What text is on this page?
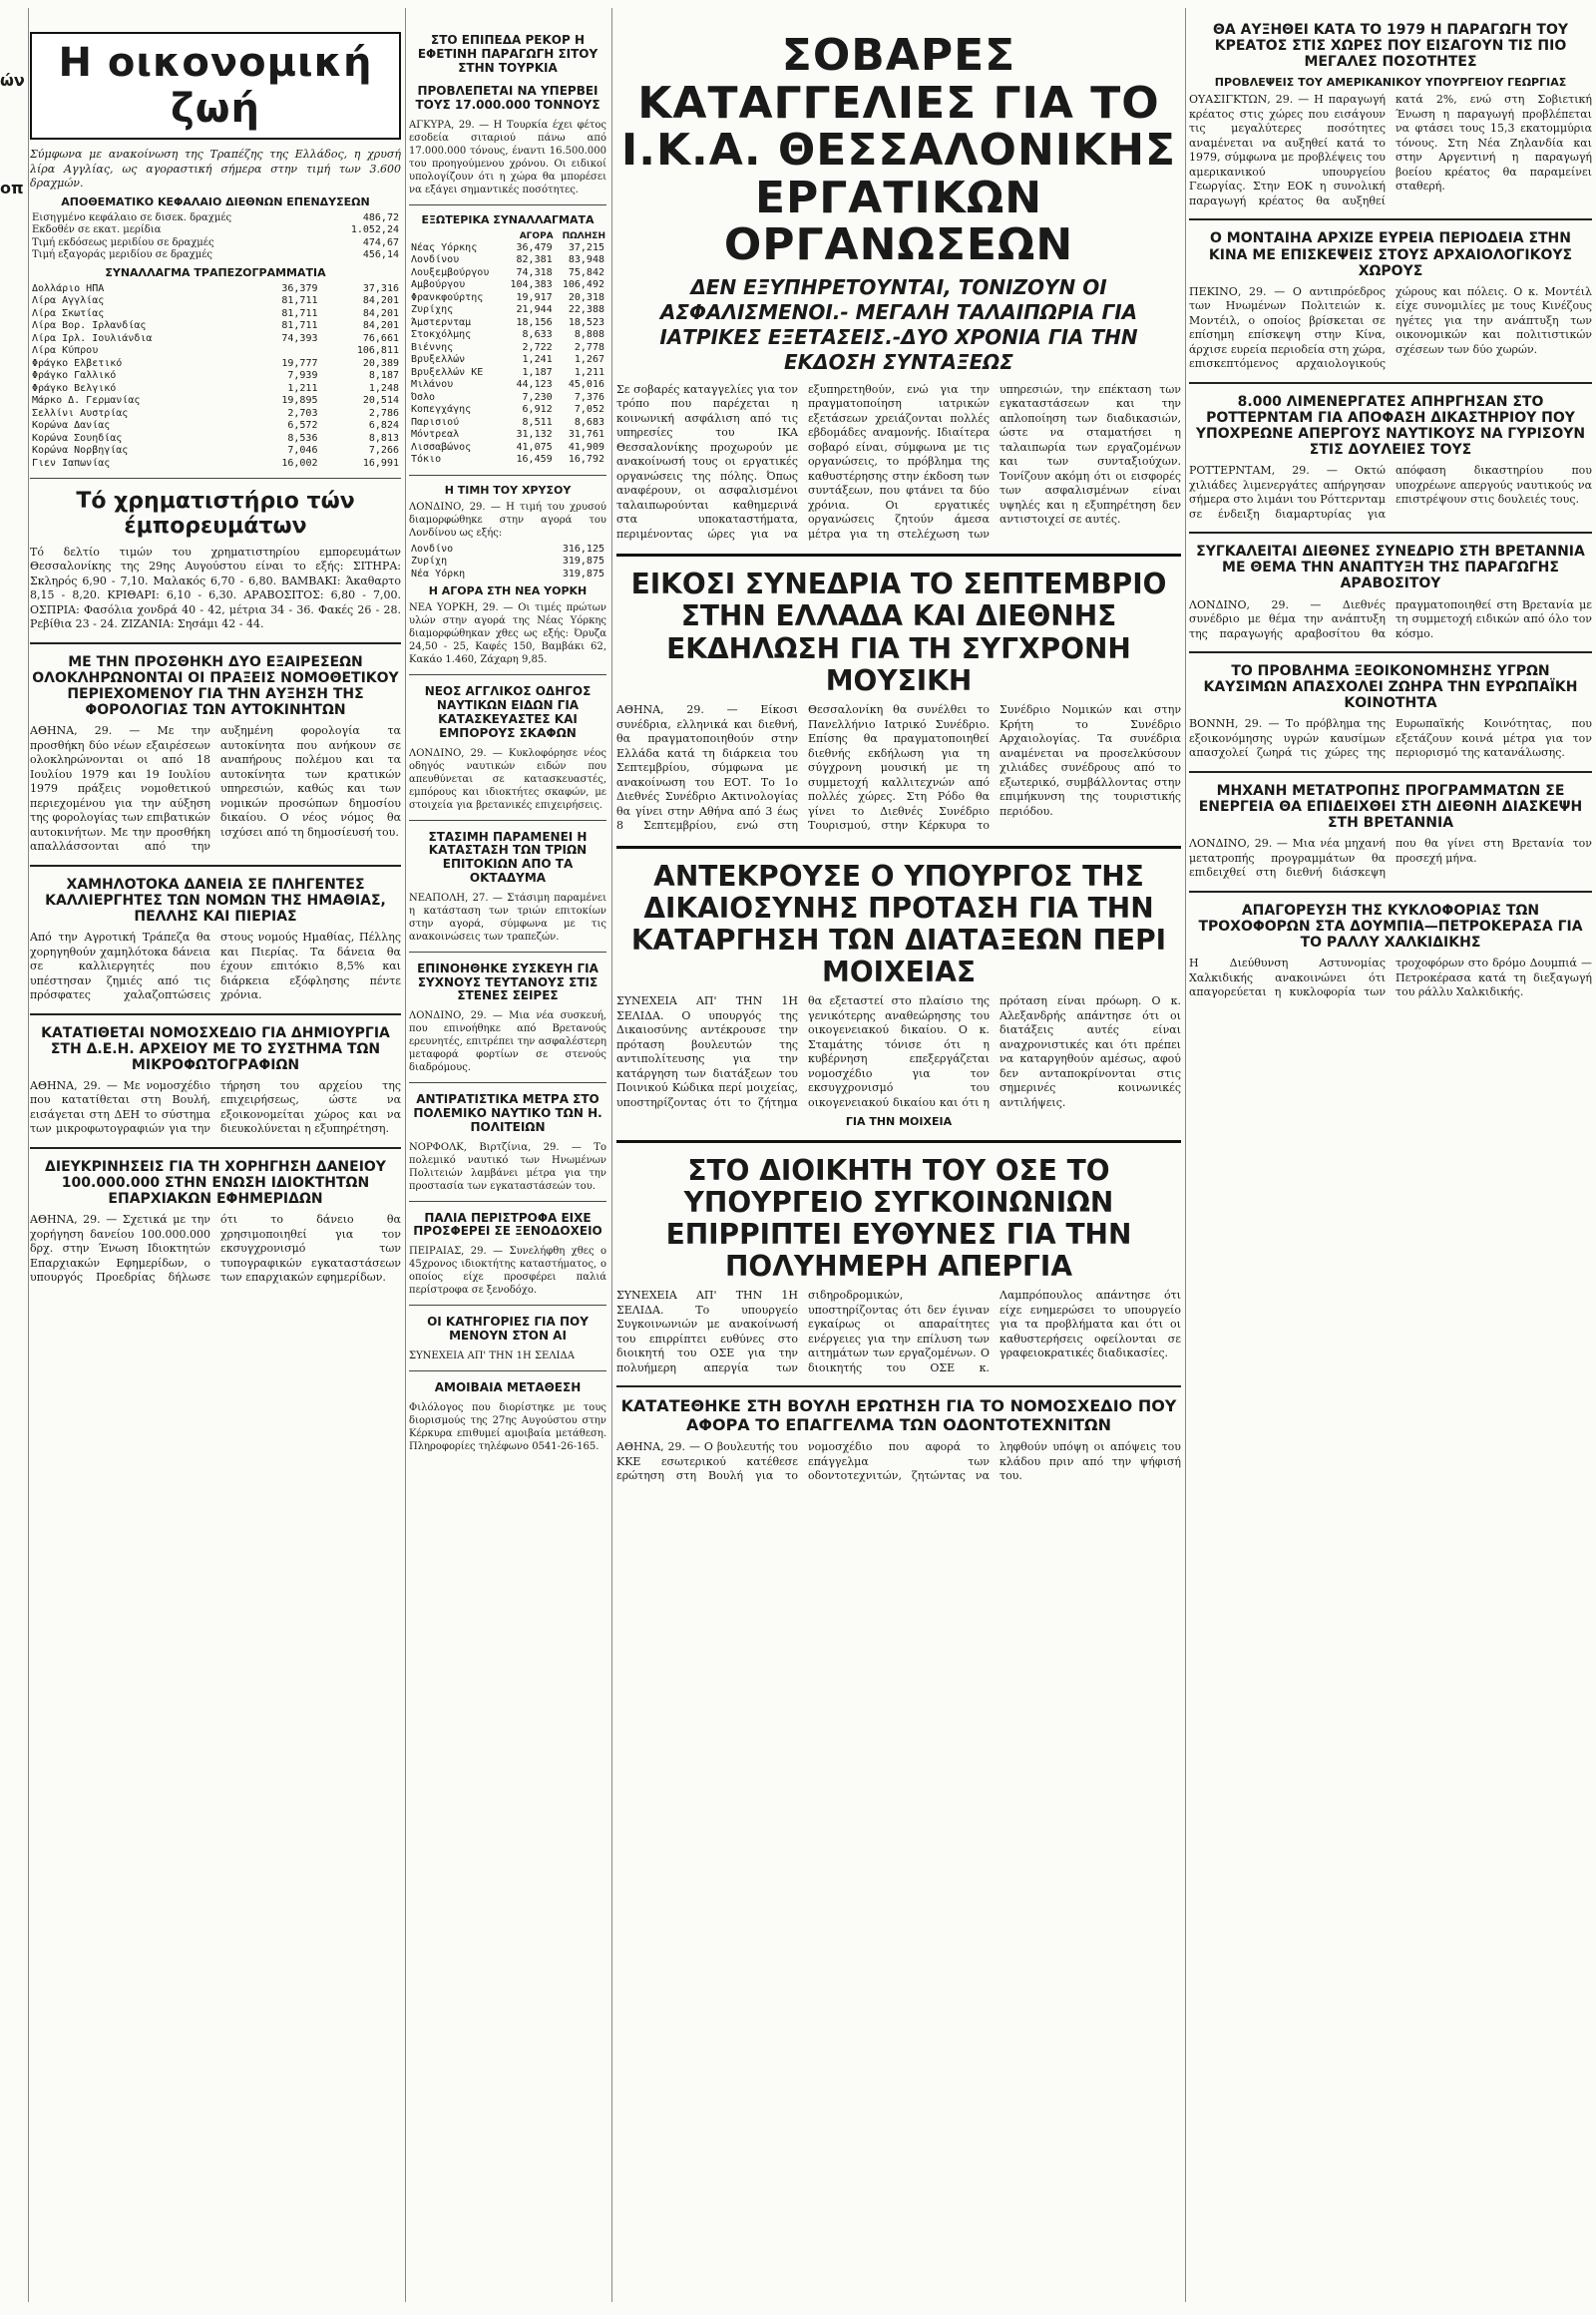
ών
οπ
Η οικονομική ζωή

Σύμφωνα με ανακοίνωση της Τραπέζης της Ελλάδος, η χρυσή λίρα Αγγλίας, ως αγοραστική σήμερα στην τιμή των 3.600 δραχμών.

ΑΠΟΘΕΜΑΤΙΚΟ ΚΕΦΑΛΑΙΟ ΔΙΕΘΝΩΝ ΕΠΕΝΔΥΣΕΩΝ
Εισηγμένο κεφάλαιο σε δισεκ. δραχμές	486,72
Εκδοθέν σε εκατ. μερίδια	1.052,24
Τιμή εκδόσεως μεριδίου σε δραχμές	474,67
Τιμή εξαγοράς μεριδίου σε δραχμές	456,14
ΣΥΝΑΛΛΑΓΜΑ ΤΡΑΠΕΖΟΓΡΑΜΜΑΤΙΑ
Δολλάριο ΗΠΑ	36,379	37,316
Λίρα Αγγλίας	81,711	84,201
Λίρα Σκωτίας	81,711	84,201
Λίρα Βορ. Ιρλανδίας	81,711	84,201
Λίρα Ιρλ. Ιουλιάνδια	74,393	76,661
Λίρα Κύπρου		106,811
Φράγκο Ελβετικό	19,777	20,389
Φράγκο Γαλλικό	7,939	8,187
Φράγκο Βελγικό	1,211	1,248
Μάρκο Δ. Γερμανίας	19,895	20,514
Σελλίνι Αυστρίας	2,703	2,786
Κορώνα Δανίας	6,572	6,824
Κορώνα Σουηδίας	8,536	8,813
Κορώνα Νορβηγίας	7,046	7,266
Γιεν Ιαπωνίας	16,002	16,991
Τό χρηματιστήριο τών έμπορευμάτων

Τό δελτίο τιμών του χρηματιστηρίου εμπορευμάτων Θεσσαλονίκης της 29ης Αυγούστου είναι το εξής: ΣΙΤΗΡΑ: Σκληρός 6,90 - 7,10. Μαλακός 6,70 - 6,80. ΒΑΜΒΑΚΙ: Άκαθαρτο 8,15 - 8,20. ΚΡΙΘΑΡΙ: 6,10 - 6,30. ΑΡΑΒΟΣΙΤΟΣ: 6,80 - 7,00. ΟΣΠΡΙΑ: Φασόλια χονδρά 40 - 42, μέτρια 34 - 36. Φακές 26 - 28. Ρεβίθια 23 - 24. ΖΙΖΑΝΙΑ: Σησάμι 42 - 44.

ΜΕ ΤΗΝ ΠΡΟΣΘΗΚΗ ΔΥΟ ΕΞΑΙΡΕΣΕΩΝ ΟΛΟΚΛΗΡΩΝΟΝΤΑΙ ΟΙ ΠΡΑΞΕΙΣ ΝΟΜΟΘΕΤΙΚΟΥ ΠΕΡΙΕΧΟΜΕΝΟΥ ΓΙΑ ΤΗΝ ΑΥΞΗΣΗ ΤΗΣ ΦΟΡΟΛΟΓΙΑΣ ΤΩΝ ΑΥΤΟΚΙΝΗΤΩΝ

ΑΘΗΝΑ, 29. — Με την προσθήκη δύο νέων εξαιρέσεων ολοκληρώνονται οι από 18 Ιουλίου 1979 και 19 Ιουλίου 1979 πράξεις νομοθετικού περιεχομένου για την αύξηση της φορολογίας των επιβατικών αυτοκινήτων. Με την προσθήκη απαλλάσσονται από την αυξημένη φορολογία τα αυτοκίνητα που ανήκουν σε αναπήρους πολέμου και τα αυτοκίνητα των κρατικών υπηρεσιών, καθώς και των νομικών προσώπων δημοσίου δικαίου. Ο νέος νόμος θα ισχύσει από τη δημοσίευσή του.

ΧΑΜΗΛΟΤΟΚΑ ΔΑΝΕΙΑ ΣΕ ΠΛΗΓΕΝΤΕΣ ΚΑΛΛΙΕΡΓΗΤΕΣ ΤΩΝ ΝΟΜΩΝ ΤΗΣ ΗΜΑΘΙΑΣ, ΠΕΛΛΗΣ ΚΑΙ ΠΙΕΡΙΑΣ

Από την Αγροτική Τράπεζα θα χορηγηθούν χαμηλότοκα δάνεια σε καλλιεργητές που υπέστησαν ζημιές από τις πρόσφατες χαλαζοπτώσεις στους νομούς Ημαθίας, Πέλλης και Πιερίας. Τα δάνεια θα έχουν επιτόκιο 8,5% και διάρκεια εξόφλησης πέντε χρόνια.

ΚΑΤΑΤΙΘΕΤΑΙ ΝΟΜΟΣΧΕΔΙΟ ΓΙΑ ΔΗΜΙΟΥΡΓΙΑ ΣΤΗ Δ.Ε.Η. ΑΡΧΕΙΟΥ ΜΕ ΤΟ ΣΥΣΤΗΜΑ ΤΩΝ ΜΙΚΡΟΦΩΤΟΓΡΑΦΙΩΝ

ΑΘΗΝΑ, 29. — Με νομοσχέδιο που κατατίθεται στη Βουλή, εισάγεται στη ΔΕΗ το σύστημα των μικροφωτογραφιών για την τήρηση του αρχείου της επιχειρήσεως, ώστε να εξοικονομείται χώρος και να διευκολύνεται η εξυπηρέτηση.

ΔΙΕΥΚΡΙΝΗΣΕΙΣ ΓΙΑ ΤΗ ΧΟΡΗΓΗΣΗ ΔΑΝΕΙΟΥ 100.000.000 ΣΤΗΝ ΕΝΩΣΗ ΙΔΙΟΚΤΗΤΩΝ ΕΠΑΡΧΙΑΚΩΝ ΕΦΗΜΕΡΙΔΩΝ

ΑΘΗΝΑ, 29. — Σχετικά με την χορήγηση δανείου 100.000.000 δρχ. στην Ένωση Ιδιοκτητών Επαρχιακών Εφημερίδων, ο υπουργός Προεδρίας δήλωσε ότι το δάνειο θα χρησιμοποιηθεί για τον εκσυγχρονισμό των τυπογραφικών εγκαταστάσεων των επαρχιακών εφημερίδων.

ΣΤΟ ΕΠΙΠΕΔΑ ΡΕΚΟΡ Η ΕΦΕΤΙΝΗ ΠΑΡΑΓΩΓΗ ΣΙΤΟΥ ΣΤΗΝ ΤΟΥΡΚΙΑ
ΠΡΟΒΛΕΠΕΤΑΙ ΝΑ ΥΠΕΡΒΕΙ ΤΟΥΣ 17.000.000 ΤΟΝΝΟΥΣ

ΑΓΚΥΡΑ, 29. — Η Τουρκία έχει φέτος εσοδεία σιταριού πάνω από 17.000.000 τόνους, έναντι 16.500.000 του προηγούμενου χρόνου. Οι ειδικοί υπολογίζουν ότι η χώρα θα μπορέσει να εξάγει σημαντικές ποσότητες.

ΕΞΩΤΕΡΙΚΑ ΣΥΝΑΛΛΑΓΜΑΤΑ
	ΑΓΟΡΑ	ΠΩΛΗΣΗ
Νέας Υόρκης	36,479	37,215
Λονδίνου	82,381	83,948
Λουξεμβούργου	74,318	75,842
Αμβούργου	104,383	106,492
Φρανκφούρτης	19,917	20,318
Ζυρίχης	21,944	22,388
Άμστερνταμ	18,156	18,523
Στοκχόλμης	8,633	8,808
Βιέννης	2,722	2,778
Βρυξελλών	1,241	1,267
Βρυξελλών ΚΕ	1,187	1,211
Μιλάνου	44,123	45,016
Όσλο	7,230	7,376
Κοπεγχάγης	6,912	7,052
Παρισιού	8,511	8,683
Μόντρεαλ	31,132	31,761
Λισσαβώνος	41,075	41,909
Τόκιο	16,459	16,792
Η ΤΙΜΗ ΤΟΥ ΧΡΥΣΟΥ

ΛΟΝΔΙΝΟ, 29. — Η τιμή του χρυσού διαμορφώθηκε στην αγορά του Λονδίνου ως εξής:

Λονδίνο	316,125
Ζυρίχη	319,875
Νέα Υόρκη	319,875
Η ΑΓΟΡΑ ΣΤΗ ΝΕΑ ΥΟΡΚΗ

ΝΕΑ ΥΟΡΚΗ, 29. — Οι τιμές πρώτων υλών στην αγορά της Νέας Υόρκης διαμορφώθηκαν χθες ως εξής: Όρυζα 24,50 - 25, Καφές 150, Βαμβάκι 62, Κακάο 1.460, Ζάχαρη 9,85.

ΝΕΟΣ ΑΓΓΛΙΚΟΣ ΟΔΗΓΟΣ ΝΑΥΤΙΚΩΝ ΕΙΔΩΝ ΓΙΑ ΚΑΤΑΣΚΕΥΑΣΤΕΣ ΚΑΙ ΕΜΠΟΡΟΥΣ ΣΚΑΦΩΝ

ΛΟΝΔΙΝΟ, 29. — Κυκλοφόρησε νέος οδηγός ναυτικών ειδών που απευθύνεται σε κατασκευαστές, εμπόρους και ιδιοκτήτες σκαφών, με στοιχεία για βρετανικές επιχειρήσεις.

ΣΤΑΣΙΜΗ ΠΑΡΑΜΕΝΕΙ Η ΚΑΤΑΣΤΑΣΗ ΤΩΝ ΤΡΙΩΝ ΕΠΙΤΟΚΙΩΝ ΑΠΟ ΤΑ ΟΚΤΑΔΥΜΑ

ΝΕΑΠΟΛΗ, 27. — Στάσιμη παραμένει η κατάσταση των τριών επιτοκίων στην αγορά, σύμφωνα με τις ανακοινώσεις των τραπεζών.

ΕΠΙΝΟΗΘΗΚΕ ΣΥΣΚΕΥΗ ΓΙΑ ΣΥΧΝΟΥΣ ΤΕΥΤΑΝΟΥΣ ΣΤΙΣ ΣΤΕΝΕΣ ΣΕΙΡΕΣ

ΛΟΝΔΙΝΟ, 29. — Μια νέα συσκευή, που επινοήθηκε από Βρετανούς ερευνητές, επιτρέπει την ασφαλέστερη μεταφορά φορτίων σε στενούς διαδρόμους.

ΑΝΤΙΡΑΤΙΣΤΙΚΑ ΜΕΤΡΑ ΣΤΟ ΠΟΛΕΜΙΚΟ ΝΑΥΤΙΚΟ ΤΩΝ Η. ΠΟΛΙΤΕΙΩΝ

ΝΟΡΦΟΛΚ, Βιρτζίνια, 29. — Το πολεμικό ναυτικό των Ηνωμένων Πολιτειών λαμβάνει μέτρα για την προστασία των εγκαταστάσεών του.

ΠΑΛΙΑ ΠΕΡΙΣΤΡΟΦΑ ΕΙΧΕ ΠΡΟΣΦΕΡΕΙ ΣΕ ΞΕΝΟΔΟΧΕΙΟ

ΠΕΙΡΑΙΑΣ, 29. — Συνελήφθη χθες ο 45χρονος ιδιοκτήτης καταστήματος, ο οποίος είχε προσφέρει παλιά περίστροφα σε ξενοδόχο.

ΟΙ ΚΑΤΗΓΟΡΙΕΣ ΓΙΑ ΠΟΥ ΜΕΝΟΥΝ ΣΤΟΝ ΑΙ

ΣΥΝΕΧΕΙΑ ΑΠ' ΤΗΝ 1Η ΣΕΛΙΔΑ

ΑΜΟΙΒΑΙΑ ΜΕΤΑΘΕΣΗ

Φιλόλογος που διορίστηκε με τους διορισμούς της 27ης Αυγούστου στην Κέρκυρα επιθυμεί αμοιβαία μετάθεση. Πληροφορίες τηλέφωνο 0541-26-165.

ΣΟΒΑΡΕΣ ΚΑΤΑΓΓΕΛΙΕΣ ΓΙΑ ΤΟ Ι.Κ.Α. ΘΕΣΣΑΛΟΝΙΚΗΣ ΕΡΓΑΤΙΚΩΝ ΟΡΓΑΝΩΣΕΩΝ
ΔΕΝ ΕΞΥΠΗΡΕΤΟΥΝΤΑΙ, ΤΟΝΙΖΟΥΝ ΟΙ ΑΣΦΑΛΙΣΜΕΝΟΙ.- ΜΕΓΑΛΗ ΤΑΛΑΙΠΩΡΙΑ ΓΙΑ ΙΑΤΡΙΚΕΣ ΕΞΕΤΑΣΕΙΣ.-ΔΥΟ ΧΡΟΝΙΑ ΓΙΑ ΤΗΝ ΕΚΔΟΣΗ ΣΥΝΤΑΞΕΩΣ

Σε σοβαρές καταγγελίες για τον τρόπο που παρέχεται η κοινωνική ασφάλιση από τις υπηρεσίες του ΙΚΑ Θεσσαλονίκης προχωρούν με ανακοίνωσή τους οι εργατικές οργανώσεις της πόλης. Όπως αναφέρουν, οι ασφαλισμένοι ταλαιπωρούνται καθημερινά στα υποκαταστήματα, περιμένοντας ώρες για να εξυπηρετηθούν, ενώ για την πραγματοποίηση ιατρικών εξετάσεων χρειάζονται πολλές εβδομάδες αναμονής. Ιδιαίτερα σοβαρό είναι, σύμφωνα με τις οργανώσεις, το πρόβλημα της καθυστέρησης στην έκδοση των συντάξεων, που φτάνει τα δύο χρόνια. Οι εργατικές οργανώσεις ζητούν άμεσα μέτρα για τη στελέχωση των υπηρεσιών, την επέκταση των εγκαταστάσεων και την απλοποίηση των διαδικασιών, ώστε να σταματήσει η ταλαιπωρία των εργαζομένων και των συνταξιούχων. Τονίζουν ακόμη ότι οι εισφορές των ασφαλισμένων είναι υψηλές και η εξυπηρέτηση δεν αντιστοιχεί σε αυτές.

ΕΙΚΟΣΙ ΣΥΝΕΔΡΙΑ ΤΟ ΣΕΠΤΕΜΒΡΙΟ ΣΤΗΝ ΕΛΛΑΔΑ ΚΑΙ ΔΙΕΘΝΗΣ ΕΚΔΗΛΩΣΗ ΓΙΑ ΤΗ ΣΥΓΧΡΟΝΗ ΜΟΥΣΙΚΗ

ΑΘΗΝΑ, 29. — Είκοσι συνέδρια, ελληνικά και διεθνή, θα πραγματοποιηθούν στην Ελλάδα κατά τη διάρκεια του Σεπτεμβρίου, σύμφωνα με ανακοίνωση του ΕΟΤ. Το 1ο Διεθνές Συνέδριο Ακτινολογίας θα γίνει στην Αθήνα από 3 έως 8 Σεπτεμβρίου, ενώ στη Θεσσαλονίκη θα συνέλθει το Πανελλήνιο Ιατρικό Συνέδριο. Επίσης θα πραγματοποιηθεί διεθνής εκδήλωση για τη σύγχρονη μουσική με τη συμμετοχή καλλιτεχνών από πολλές χώρες. Στη Ρόδο θα γίνει το Διεθνές Συνέδριο Τουρισμού, στην Κέρκυρα το Συνέδριο Νομικών και στην Κρήτη το Συνέδριο Αρχαιολογίας. Τα συνέδρια αναμένεται να προσελκύσουν χιλιάδες συνέδρους από το εξωτερικό, συμβάλλοντας στην επιμήκυνση της τουριστικής περιόδου.

ΑΝΤΕΚΡΟΥΣΕ Ο ΥΠΟΥΡΓΟΣ ΤΗΣ ΔΙΚΑΙΟΣΥΝΗΣ ΠΡΟΤΑΣΗ ΓΙΑ ΤΗΝ ΚΑΤΑΡΓΗΣΗ ΤΩΝ ΔΙΑΤΑΞΕΩΝ ΠΕΡΙ ΜΟΙΧΕΙΑΣ

ΣΥΝΕΧΕΙΑ ΑΠ' ΤΗΝ 1Η ΣΕΛΙΔΑ. Ο υπουργός της Δικαιοσύνης αντέκρουσε την πρόταση βουλευτών της αντιπολίτευσης για την κατάργηση των διατάξεων του Ποινικού Κώδικα περί μοιχείας, υποστηρίζοντας ότι το ζήτημα θα εξεταστεί στο πλαίσιο της γενικότερης αναθεώρησης του οικογενειακού δικαίου. Ο κ. Σταμάτης τόνισε ότι η κυβέρνηση επεξεργάζεται νομοσχέδιο για τον εκσυγχρονισμό του οικογενειακού δικαίου και ότι η πρόταση είναι πρόωρη. Ο κ. Αλεξανδρής απάντησε ότι οι διατάξεις αυτές είναι αναχρονιστικές και ότι πρέπει να καταργηθούν αμέσως, αφού δεν ανταποκρίνονται στις σημερινές κοινωνικές αντιλήψεις.

ΓΙΑ ΤΗΝ ΜΟΙΧΕΙΑ
ΣΤΟ ΔΙΟΙΚΗΤΗ ΤΟΥ ΟΣΕ ΤΟ ΥΠΟΥΡΓΕΙΟ ΣΥΓΚΟΙΝΩΝΙΩΝ ΕΠΙΡΡΙΠΤΕΙ ΕΥΘΥΝΕΣ ΓΙΑ ΤΗΝ ΠΟΛΥΗΜΕΡΗ ΑΠΕΡΓΙΑ

ΣΥΝΕΧΕΙΑ ΑΠ' ΤΗΝ 1Η ΣΕΛΙΔΑ. Το υπουργείο Συγκοινωνιών με ανακοίνωσή του επιρρίπτει ευθύνες στο διοικητή του ΟΣΕ για την πολυήμερη απεργία των σιδηροδρομικών, υποστηρίζοντας ότι δεν έγιναν εγκαίρως οι απαραίτητες ενέργειες για την επίλυση των αιτημάτων των εργαζομένων. Ο διοικητής του ΟΣΕ κ. Λαμπρόπουλος απάντησε ότι είχε ενημερώσει το υπουργείο για τα προβλήματα και ότι οι καθυστερήσεις οφείλονται σε γραφειοκρατικές διαδικασίες.

ΚΑΤΑΤΕΘΗΚΕ ΣΤΗ ΒΟΥΛΗ ΕΡΩΤΗΣΗ ΓΙΑ ΤΟ ΝΟΜΟΣΧΕΔΙΟ ΠΟΥ ΑΦΟΡΑ ΤΟ ΕΠΑΓΓΕΛΜΑ ΤΩΝ ΟΔΟΝΤΟΤΕΧΝΙΤΩΝ

ΑΘΗΝΑ, 29. — Ο βουλευτής του ΚΚΕ εσωτερικού κατέθεσε ερώτηση στη Βουλή για το νομοσχέδιο που αφορά το επάγγελμα των οδοντοτεχνιτών, ζητώντας να ληφθούν υπόψη οι απόψεις του κλάδου πριν από την ψήφισή του.

ΘΑ ΑΥΞΗΘΕΙ ΚΑΤΑ ΤΟ 1979 Η ΠΑΡΑΓΩΓΗ ΤΟΥ ΚΡΕΑΤΟΣ ΣΤΙΣ ΧΩΡΕΣ ΠΟΥ ΕΙΣΑΓΟΥΝ ΤΙΣ ΠΙΟ ΜΕΓΑΛΕΣ ΠΟΣΟΤΗΤΕΣ
ΠΡΟΒΛΕΨΕΙΣ ΤΟΥ ΑΜΕΡΙΚΑΝΙΚΟΥ ΥΠΟΥΡΓΕΙΟΥ ΓΕΩΡΓΙΑΣ

ΟΥΑΣΙΓΚΤΩΝ, 29. — Η παραγωγή κρέατος στις χώρες που εισάγουν τις μεγαλύτερες ποσότητες αναμένεται να αυξηθεί κατά το 1979, σύμφωνα με προβλέψεις του αμερικανικού υπουργείου Γεωργίας. Στην ΕΟΚ η συνολική παραγωγή κρέατος θα αυξηθεί κατά 2%, ενώ στη Σοβιετική Ένωση η παραγωγή προβλέπεται να φτάσει τους 15,3 εκατομμύρια τόνους. Στη Νέα Ζηλανδία και στην Αργεντινή η παραγωγή βοείου κρέατος θα παραμείνει σταθερή.

Ο ΜΟΝΤΑΙΗΑ ΑΡΧΙΖΕ ΕΥΡΕΙΑ ΠΕΡΙΟΔΕΙΑ ΣΤΗΝ ΚΙΝΑ ΜΕ ΕΠΙΣΚΕΨΕΙΣ ΣΤΟΥΣ ΑΡΧΑΙΟΛΟΓΙΚΟΥΣ ΧΩΡΟΥΣ

ΠΕΚΙΝΟ, 29. — Ο αντιπρόεδρος των Ηνωμένων Πολιτειών κ. Μοντέιλ, ο οποίος βρίσκεται σε επίσημη επίσκεψη στην Κίνα, άρχισε ευρεία περιοδεία στη χώρα, επισκεπτόμενος αρχαιολογικούς χώρους και πόλεις. Ο κ. Μοντέιλ είχε συνομιλίες με τους Κινέζους ηγέτες για την ανάπτυξη των οικονομικών και πολιτιστικών σχέσεων των δύο χωρών.

8.000 ΛΙΜΕΝΕΡΓΑΤΕΣ ΑΠΗΡΓΗΣΑΝ ΣΤΟ ΡΟΤΤΕΡΝΤΑΜ ΓΙΑ ΑΠΟΦΑΣΗ ΔΙΚΑΣΤΗΡΙΟΥ ΠΟΥ ΥΠΟΧΡΕΩΝΕ ΑΠΕΡΓΟΥΣ ΝΑΥΤΙΚΟΥΣ ΝΑ ΓΥΡΙΣΟΥΝ ΣΤΙΣ ΔΟΥΛΕΙΕΣ ΤΟΥΣ

ΡΟΤΤΕΡΝΤΑΜ, 29. — Οκτώ χιλιάδες λιμενεργάτες απήργησαν σήμερα στο λιμάνι του Ρόττερνταμ σε ένδειξη διαμαρτυρίας για απόφαση δικαστηρίου που υποχρέωνε απεργούς ναυτικούς να επιστρέψουν στις δουλειές τους.

ΣΥΓΚΑΛΕΙΤΑΙ ΔΙΕΘΝΕΣ ΣΥΝΕΔΡΙΟ ΣΤΗ ΒΡΕΤΑΝΝΙΑ ΜΕ ΘΕΜΑ ΤΗΝ ΑΝΑΠΤΥΞΗ ΤΗΣ ΠΑΡΑΓΩΓΗΣ ΑΡΑΒΟΣΙΤΟΥ

ΛΟΝΔΙΝΟ, 29. — Διεθνές συνέδριο με θέμα την ανάπτυξη της παραγωγής αραβοσίτου θα πραγματοποιηθεί στη Βρετανία με τη συμμετοχή ειδικών από όλο τον κόσμο.

ΤΟ ΠΡΟΒΛΗΜΑ ΞΕΟΙΚΟΝΟΜΗΣΗΣ ΥΓΡΩΝ ΚΑΥΣΙΜΩΝ ΑΠΑΣΧΟΛΕΙ ΖΩΗΡΑ ΤΗΝ ΕΥΡΩΠΑΪΚΗ ΚΟΙΝΟΤΗΤΑ

ΒΟΝΝΗ, 29. — Το πρόβλημα της εξοικονόμησης υγρών καυσίμων απασχολεί ζωηρά τις χώρες της Ευρωπαϊκής Κοινότητας, που εξετάζουν κοινά μέτρα για τον περιορισμό της κατανάλωσης.

ΜΗΧΑΝΗ ΜΕΤΑΤΡΟΠΗΣ ΠΡΟΓΡΑΜΜΑΤΩΝ ΣΕ ΕΝΕΡΓΕΙΑ ΘΑ ΕΠΙΔΕΙΧΘΕΙ ΣΤΗ ΔΙΕΘΝΗ ΔΙΑΣΚΕΨΗ ΣΤΗ ΒΡΕΤΑΝΝΙΑ

ΛΟΝΔΙΝΟ, 29. — Μια νέα μηχανή μετατροπής προγραμμάτων θα επιδειχθεί στη διεθνή διάσκεψη που θα γίνει στη Βρετανία τον προσεχή μήνα.

ΑΠΑΓΟΡΕΥΣΗ ΤΗΣ ΚΥΚΛΟΦΟΡΙΑΣ ΤΩΝ ΤΡΟΧΟΦΟΡΩΝ ΣΤΑ ΔΟΥΜΠΙΑ—ΠΕΤΡΟΚΕΡΑΣΑ ΓΙΑ ΤΟ ΡΑΛΛΥ ΧΑΛΚΙΔΙΚΗΣ

Η Διεύθυνση Αστυνομίας Χαλκιδικής ανακοινώνει ότι απαγορεύεται η κυκλοφορία των τροχοφόρων στο δρόμο Δουμπιά — Πετροκέρασα κατά τη διεξαγωγή του ράλλυ Χαλκιδικής.
